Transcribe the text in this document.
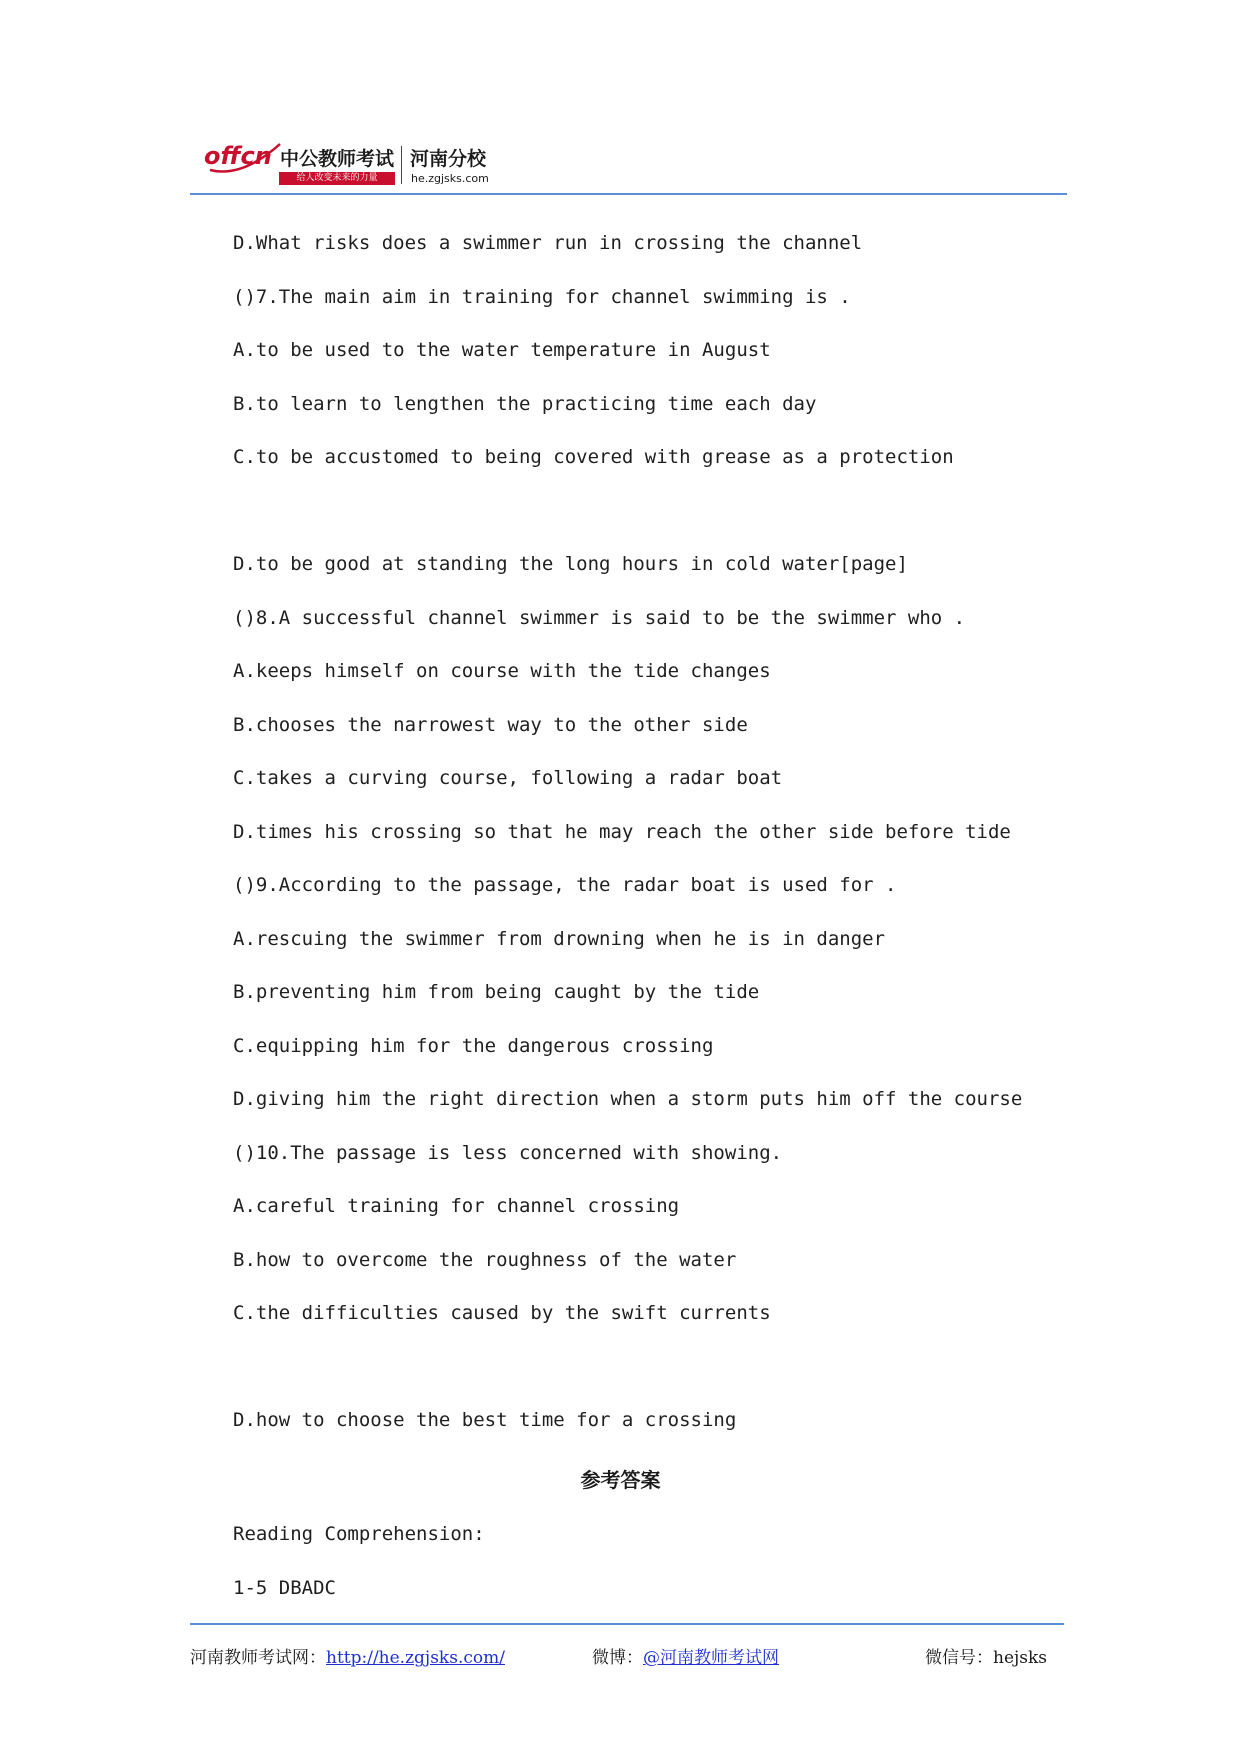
offcn 中公教师考试
给人改变未来的力量
河南分校
he.zgjsks.com
D.What risks does a swimmer run in crossing the channel
()7.The main aim in training for channel swimming is .
A.to be used to the water temperature in August
B.to learn to lengthen the practicing time each day
C.to be accustomed to being covered with grease as a protection
D.to be good at standing the long hours in cold water[page]
()8.A successful channel swimmer is said to be the swimmer who .
A.keeps himself on course with the tide changes
B.chooses the narrowest way to the other side
C.takes a curving course, following a radar boat
D.times his crossing so that he may reach the other side before tide
()9.According to the passage, the radar boat is used for .
A.rescuing the swimmer from drowning when he is in danger
B.preventing him from being caught by the tide
C.equipping him for the dangerous crossing
D.giving him the right direction when a storm puts him off the course
()10.The passage is less concerned with showing.
A.careful training for channel crossing
B.how to overcome the roughness of the water
C.the difficulties caused by the swift currents
D.how to choose the best time for a crossing
参考答案
Reading Comprehension:
1-5 DBADC
河南教师考试网：http://he.zgjsks.com/	微博：@河南教师考试网	微信号：hejsks
